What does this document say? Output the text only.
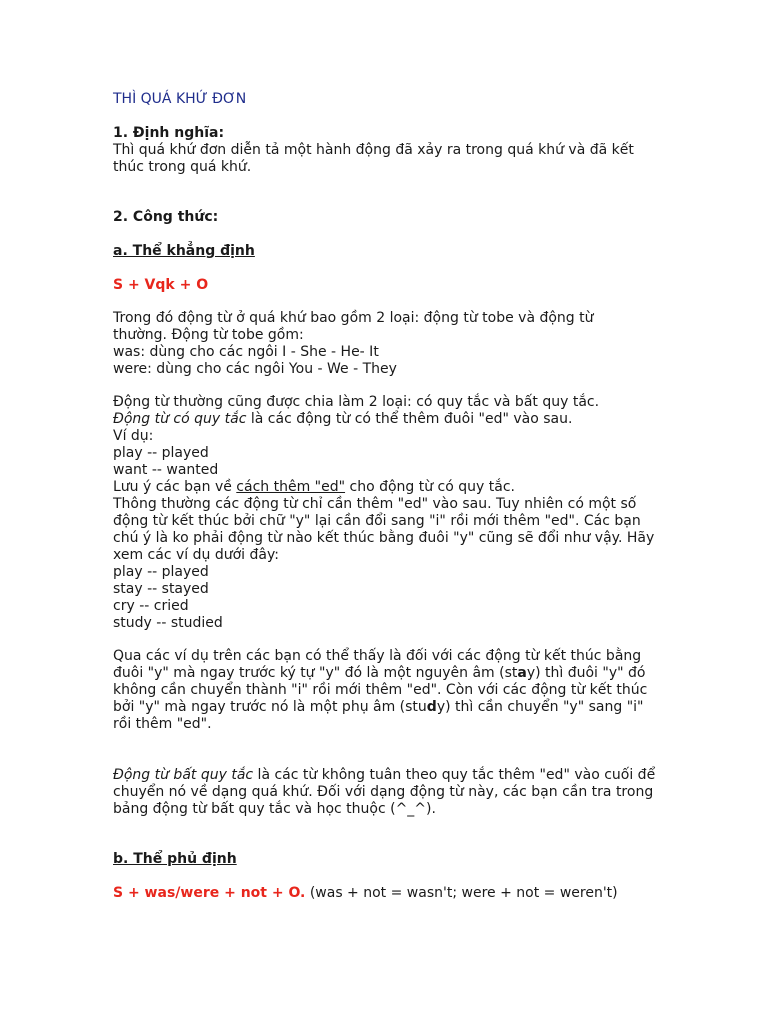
THÌ QUÁ KHỨ ĐƠN

1. Định nghĩa:

Thì quá khứ đơn diễn tả một hành động đã xảy ra trong quá khứ và đã kết

thúc trong quá khứ.

2. Công thức:

a. Thể khẳng định

S + Vqk + O

Trong đó động từ ở quá khứ bao gồm 2 loại: động từ tobe và động từ

thường. Động từ tobe gồm:

was: dùng cho các ngôi I - She - He- It

were: dùng cho các ngôi You - We - They

Động từ thường cũng được chia làm 2 loại: có quy tắc và bất quy tắc.

Động từ có quy tắc là các động từ có thể thêm đuôi "ed" vào sau.

Ví dụ:

play -- played

want -- wanted

Lưu ý các bạn về cách thêm "ed" cho động từ có quy tắc.

Thông thường các động từ chỉ cần thêm "ed" vào sau. Tuy nhiên có một số

động từ kết thúc bởi chữ "y" lại cần đổi sang "i" rồi mới thêm "ed". Các bạn

chú ý là ko phải động từ nào kết thúc bằng đuôi "y" cũng sẽ đổi như vậy. Hãy

xem các ví dụ dưới đây:

play -- played

stay -- stayed

cry -- cried

study -- studied

Qua các ví dụ trên các bạn có thể thấy là đối với các động từ kết thúc bằng

đuôi "y" mà ngay trước ký tự "y" đó là một nguyên âm (stay) thì đuôi "y" đó

không cần chuyển thành "i" rồi mới thêm "ed". Còn với các động từ kết thúc

bởi "y" mà ngay trước nó là một phụ âm (study) thì cần chuyển "y" sang "i"

rồi thêm "ed".

Động từ bất quy tắc là các từ không tuân theo quy tắc thêm "ed" vào cuối để

chuyển nó về dạng quá khứ. Đối với dạng động từ này, các bạn cần tra trong

bảng động từ bất quy tắc và học thuộc (^_^).

b. Thể phủ định

S + was/were + not + O. (was + not = wasn't; were + not = weren't)
